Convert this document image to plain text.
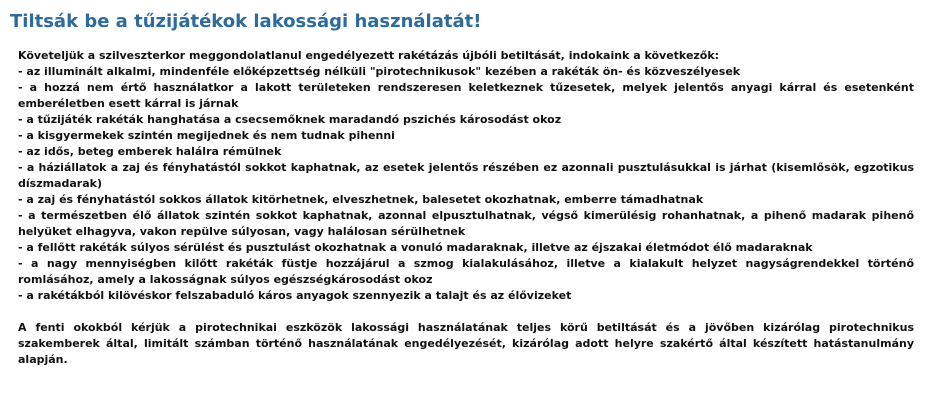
Tiltsák be a tűzijátékok lakossági használatát!

Követeljük a szilveszterkor meggondolatlanul engedélyezett rakétázás újbóli betiltását, indokaink a következők:

- az illuminált alkalmi, mindenféle előképzettség nélküli "pirotechnikusok" kezében a rakéták ön- és közveszélyesek
- a hozzá nem értő használatkor a lakott területeken rendszeresen keletkeznek tűzesetek, melyek jelentős anyagi kárral és esetenként emberéletben esett kárral is járnak
- a tűzijáték rakéták hanghatása a csecsemőknek maradandó pszichés károsodást okoz
- a kisgyermekek szintén megijednek és nem tudnak pihenni
- az idős, beteg emberek halálra rémülnek
- a háziállatok a zaj és fényhatástól sokkot kaphatnak, az esetek jelentős részében ez azonnali pusztulásukkal is járhat (kisemlősök, egzotikus díszmadarak)
- a zaj és fényhatástól sokkos állatok kitörhetnek, elveszhetnek, balesetet okozhatnak, emberre támadhatnak
- a természetben élő állatok szintén sokkot kaphatnak, azonnal elpusztulhatnak, végső kimerülésig rohanhatnak, a pihenő madarak pihenő helyüket elhagyva, vakon repülve súlyosan, vagy halálosan sérülhetnek
- a fellőtt rakéták súlyos sérülést és pusztulást okozhatnak a vonuló madaraknak, illetve az éjszakai életmódot élő madaraknak
- a nagy mennyiségben kilőtt rakéták füstje hozzájárul a szmog kialakulásához, illetve a kialakult helyzet nagyságrendekkel történő romlásához, amely a lakosságnak súlyos egészségkárosodást okoz
- a rakétákból kilövéskor felszabaduló káros anyagok szennyezik a talajt és az élővizeket

A fenti okokból kérjük a pirotechnikai eszközök lakossági használatának teljes körű betiltását és a jövőben kizárólag pirotechnikus szakemberek által, limitált számban történő használatának engedélyezését, kizárólag adott helyre szakértő által készített hatástanulmány alapján.
